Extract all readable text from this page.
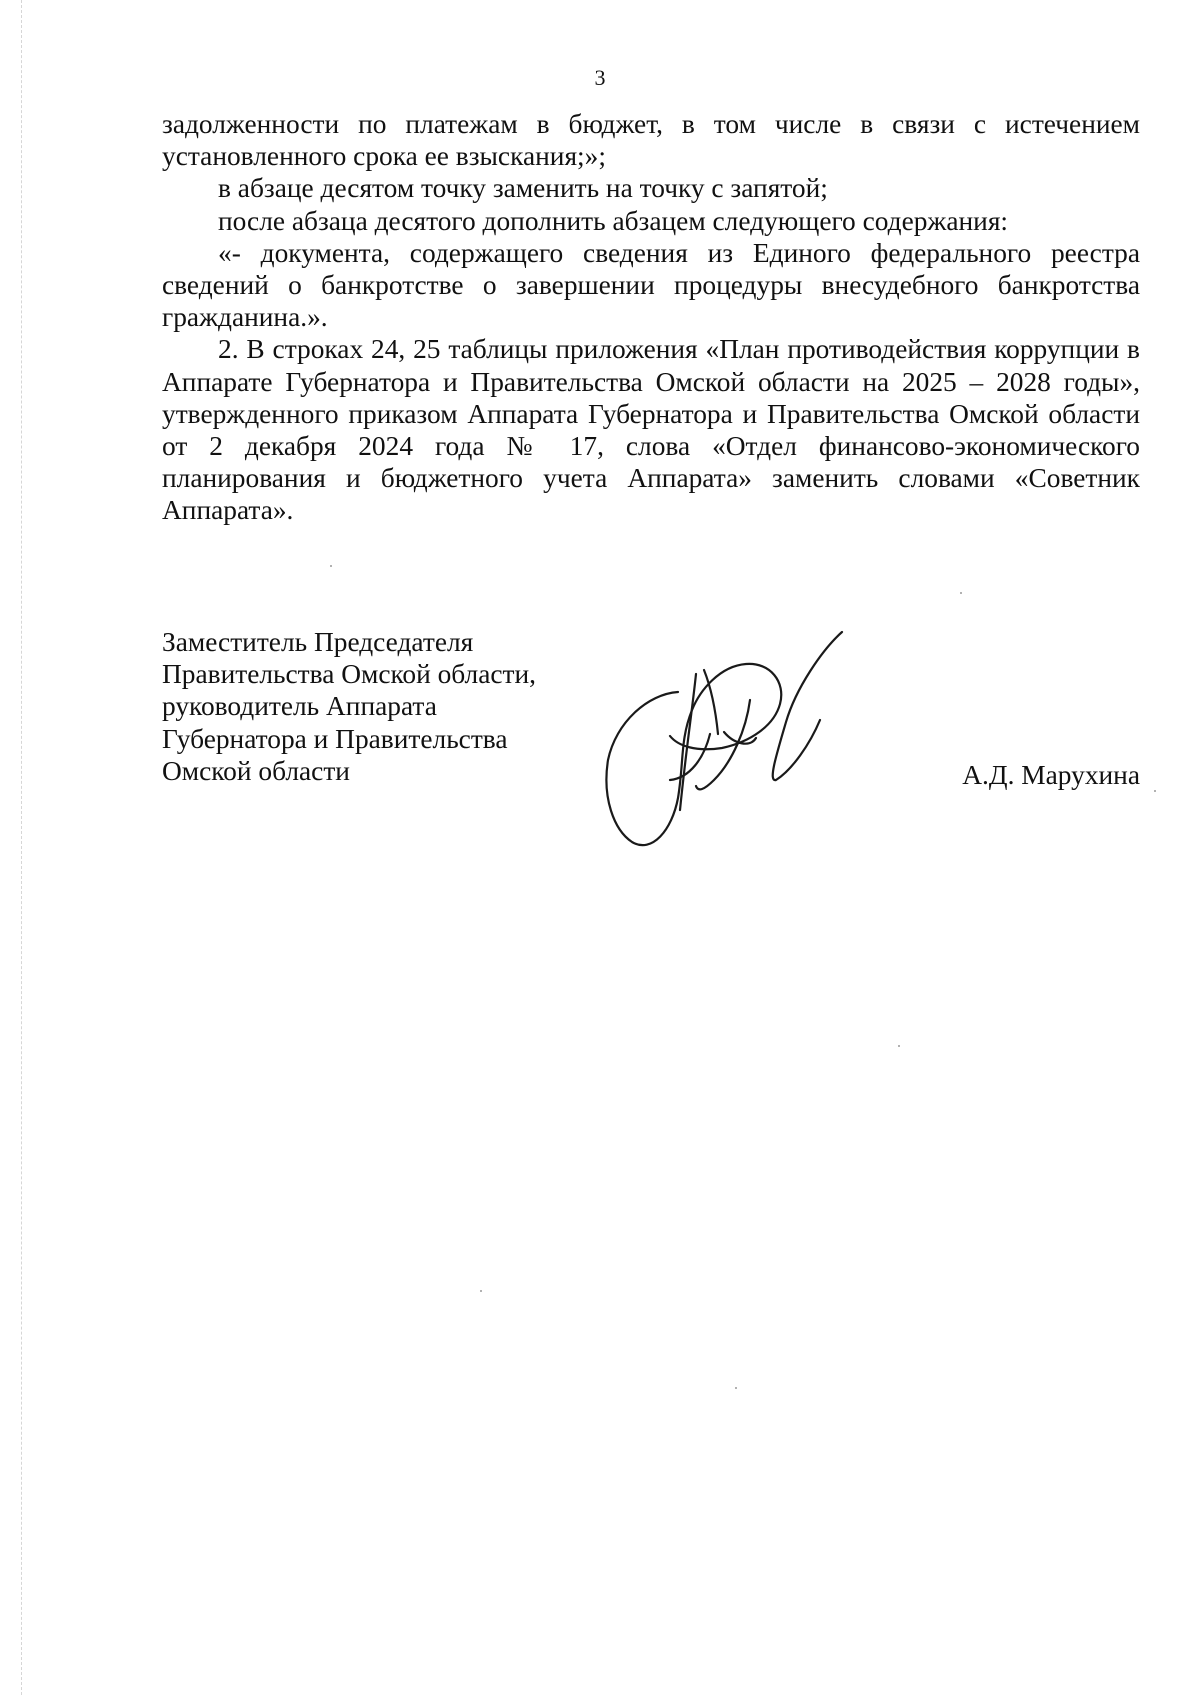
3

задолженности по платежам в бюджет, в том числе в связи с истечением установленного срока ее взыскания;»;

в абзаце десятом точку заменить на точку с запятой;

после абзаца десятого дополнить абзацем следующего содержания:

«- документа, содержащего сведения из Единого федерального реестра сведений о банкротстве о завершении процедуры внесудебного банкротства гражданина.».

2. В строках 24, 25 таблицы приложения «План противодействия коррупции в Аппарате Губернатора и Правительства Омской области на 2025 – 2028 годы», утвержденного приказом Аппарата Губернатора и Правительства Омской области от 2 декабря 2024 года № 17, слова «Отдел финансово-экономического планирования и бюджетного учета Аппарата» заменить словами «Советник Аппарата».

Заместитель Председателя
Правительства Омской области,
руководитель Аппарата
Губернатора и Правительства
Омской области	А.Д. Марухина
